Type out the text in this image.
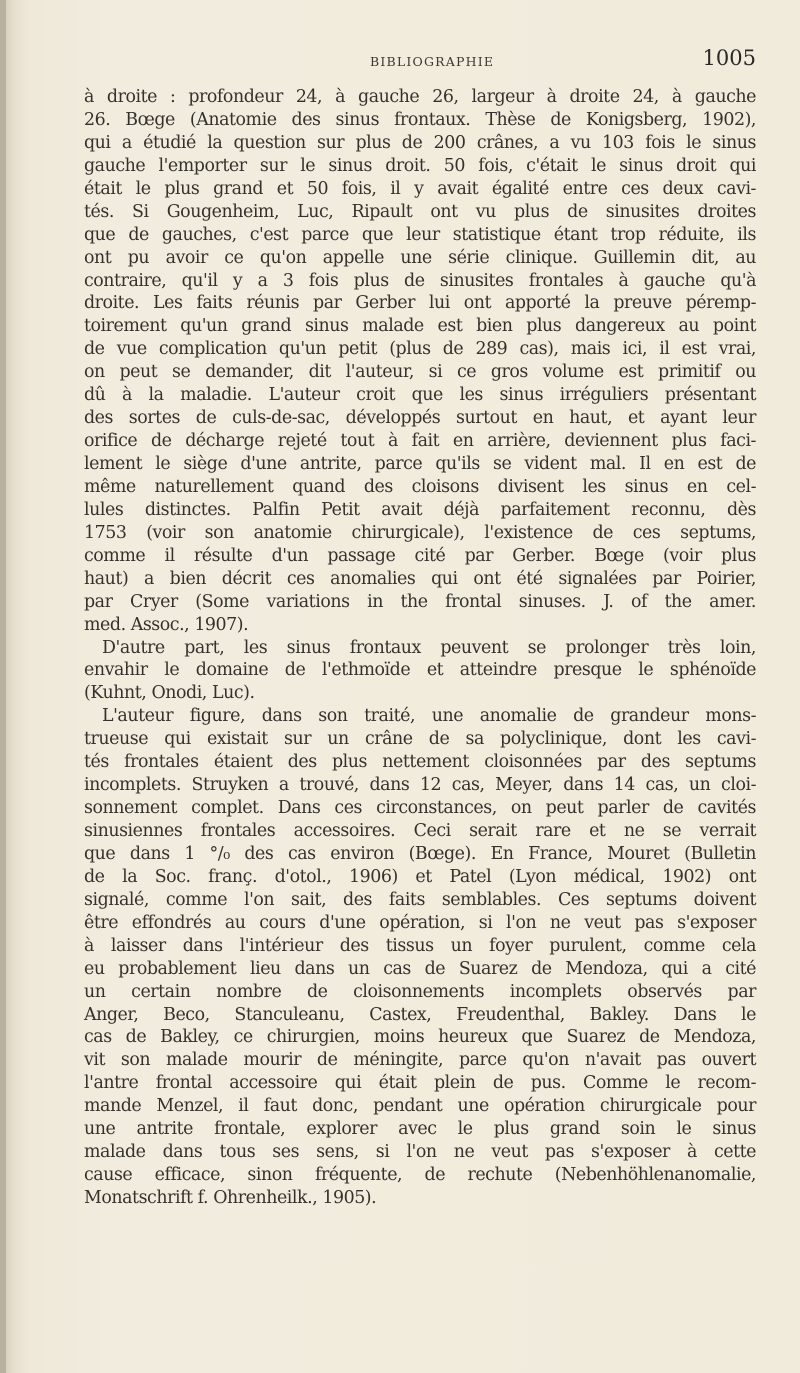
BIBLIOGRAPHIE	1005
à droite : profondeur 24, à gauche 26, largeur à droite 24, à gauche
26. Bœge (Anatomie des sinus frontaux. Thèse de Konigsberg, 1902),
qui a étudié la question sur plus de 200 crânes, a vu 103 fois le sinus
gauche l'emporter sur le sinus droit. 50 fois, c'était le sinus droit qui
était le plus grand et 50 fois, il y avait égalité entre ces deux cavi-
tés. Si Gougenheim, Luc, Ripault ont vu plus de sinusites droites
que de gauches, c'est parce que leur statistique étant trop réduite, ils
ont pu avoir ce qu'on appelle une série clinique. Guillemin dit, au
contraire, qu'il y a 3 fois plus de sinusites frontales à gauche qu'à
droite. Les faits réunis par Gerber lui ont apporté la preuve péremp-
toirement qu'un grand sinus malade est bien plus dangereux au point
de vue complication qu'un petit (plus de 289 cas), mais ici, il est vrai,
on peut se demander, dit l'auteur, si ce gros volume est primitif ou
dû à la maladie. L'auteur croit que les sinus irréguliers présentant
des sortes de culs-de-sac, développés surtout en haut, et ayant leur
orifice de décharge rejeté tout à fait en arrière, deviennent plus faci-
lement le siège d'une antrite, parce qu'ils se vident mal. Il en est de
même naturellement quand des cloisons divisent les sinus en cel-
lules distinctes. Palfin Petit avait déjà parfaitement reconnu, dès
1753 (voir son anatomie chirurgicale), l'existence de ces septums,
comme il résulte d'un passage cité par Gerber. Bœge (voir plus
haut) a bien décrit ces anomalies qui ont été signalées par Poirier,
par Cryer (Some variations in the frontal sinuses. J. of the amer.
med. Assoc., 1907).
D'autre part, les sinus frontaux peuvent se prolonger très loin,
envahir le domaine de l'ethmoïde et atteindre presque le sphénoïde
(Kuhnt, Onodi, Luc).
L'auteur figure, dans son traité, une anomalie de grandeur mons-
trueuse qui existait sur un crâne de sa polyclinique, dont les cavi-
tés frontales étaient des plus nettement cloisonnées par des septums
incomplets. Struyken a trouvé, dans 12 cas, Meyer, dans 14 cas, un cloi-
sonnement complet. Dans ces circonstances, on peut parler de cavités
sinusiennes frontales accessoires. Ceci serait rare et ne se verrait
que dans 1 °/₀ des cas environ (Bœge). En France, Mouret (Bulletin
de la Soc. franç. d'otol., 1906) et Patel (Lyon médical, 1902) ont
signalé, comme l'on sait, des faits semblables. Ces septums doivent
être effondrés au cours d'une opération, si l'on ne veut pas s'exposer
à laisser dans l'intérieur des tissus un foyer purulent, comme cela
eu probablement lieu dans un cas de Suarez de Mendoza, qui a cité
un certain nombre de cloisonnements incomplets observés par
Anger, Beco, Stanculeanu, Castex, Freudenthal, Bakley. Dans le
cas de Bakley, ce chirurgien, moins heureux que Suarez de Mendoza,
vit son malade mourir de méningite, parce qu'on n'avait pas ouvert
l'antre frontal accessoire qui était plein de pus. Comme le recom-
mande Menzel, il faut donc, pendant une opération chirurgicale pour
une antrite frontale, explorer avec le plus grand soin le sinus
malade dans tous ses sens, si l'on ne veut pas s'exposer à cette
cause efficace, sinon fréquente, de rechute (Nebenhöhlenanomalie,
Monatschrift f. Ohrenheilk., 1905).
